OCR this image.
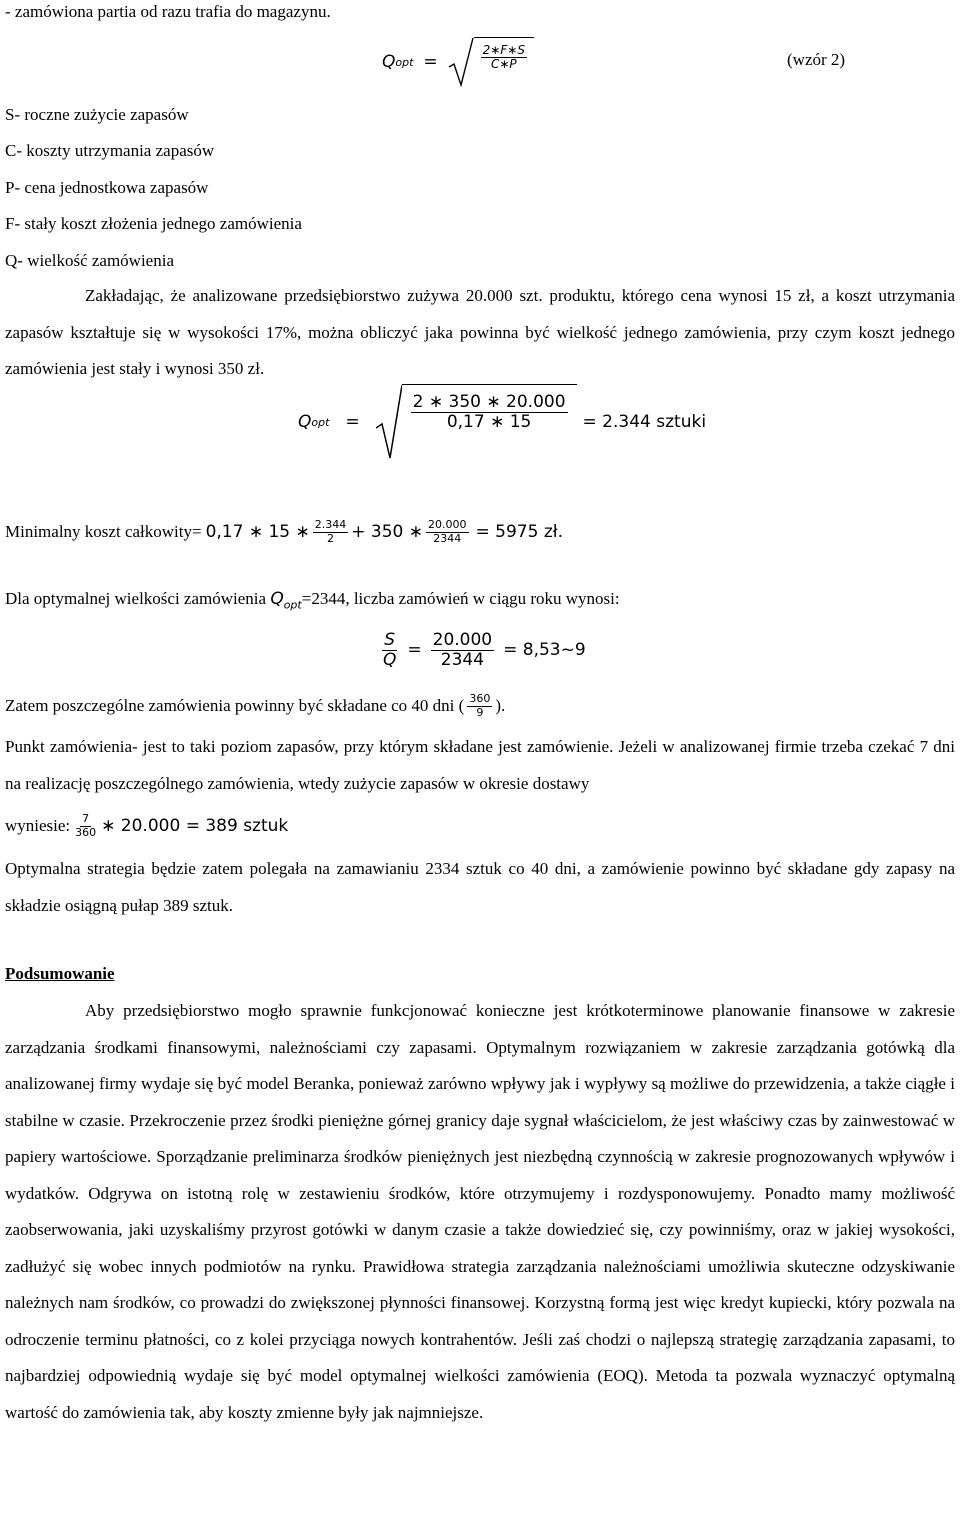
- zamówiona partia od razu trafia do magazynu.
Q opt =	$\frac{2∗F∗S}{C∗P}$	(wzór 2)
S- roczne zużycie zapasów
C- koszty utrzymania zapasów
P- cena jednostkowa zapasów
F- stały koszt złożenia jednego zamówienia
Q- wielkość zamówienia

Zakładając, że analizowane przedsiębiorstwo zużywa 20.000 szt. produktu, którego cena wynosi 15 zł, a koszt utrzymania zapasów kształtuje się w wysokości 17%, można obliczyć jaka powinna być wielkość jednego zamówienia, przy czym koszt jednego zamówienia jest stały i wynosi 350 zł.

Q opt =	$\frac{2 ∗ 350 ∗ 20.000}{0,17 ∗ 15} = 2.344$ sztuki
Minimalny koszt całkowity= 0,17 ∗ 15 ∗ $\frac{2.344}{2} + 350$ ∗ $\frac{20.000}{2344} = 5975$ zł.
Dla optymalnej wielkości zamówienia $Q_{opt}=2344$, liczba zamówień w ciągu roku wynosi:
$\frac{S}{Q} = \frac{20.000}{2344}$ = 8,53~9
Zatem poszczególne zamówienia powinny być składane co 40 dni ( $\frac{360}{9}$ ).

Punkt zamówienia- jest to taki poziom zapasów, przy którym składane jest zamówienie. Jeżeli w analizowanej firmie trzeba czekać 7 dni na realizację poszczególnego zamówienia, wtedy zużycie zapasów w okresie dostawy

wyniesie: $\frac{7}{360}$ ∗ 20.000 = 389 sztuk

Optymalna strategia będzie zatem polegała na zamawianiu 2334 sztuk co 40 dni, a zamówienie powinno być składane gdy zapasy na składzie osiągną pułap 389 sztuk.

Podsumowanie

Aby przedsiębiorstwo mogło sprawnie funkcjonować konieczne jest krótkoterminowe planowanie finansowe w zakresie zarządzania środkami finansowymi, należnościami czy zapasami. Optymalnym rozwiązaniem w zakresie zarządzania gotówką dla analizowanej firmy wydaje się być model Beranka, ponieważ zarówno wpływy jak i wypływy są możliwe do przewidzenia, a także ciągłe i stabilne w czasie. Przekroczenie przez środki pieniężne górnej granicy daje sygnał właścicielom, że jest właściwy czas by zainwestować w papiery wartościowe. Sporządzanie preliminarza środków pieniężnych jest niezbędną czynnością w zakresie prognozowanych wpływów i wydatków. Odgrywa on istotną rolę w zestawieniu środków, które otrzymujemy i rozdysponowujemy. Ponadto mamy możliwość zaobserwowania, jaki uzyskaliśmy przyrost gotówki w danym czasie a także dowiedzieć się, czy powinniśmy, oraz w jakiej wysokości, zadłużyć się wobec innych podmiotów na rynku. Prawidłowa strategia zarządzania należnościami umożliwia skuteczne odzyskiwanie należnych nam środków, co prowadzi do zwiększonej płynności finansowej. Korzystną formą jest więc kredyt kupiecki, który pozwala na odroczenie terminu płatności, co z kolei przyciąga nowych kontrahentów. Jeśli zaś chodzi o najlepszą strategię zarządzania zapasami, to najbardziej odpowiednią wydaje się być model optymalnej wielkości zamówienia (EOQ). Metoda ta pozwala wyznaczyć optymalną wartość do zamówienia tak, aby koszty zmienne były jak najmniejsze.
